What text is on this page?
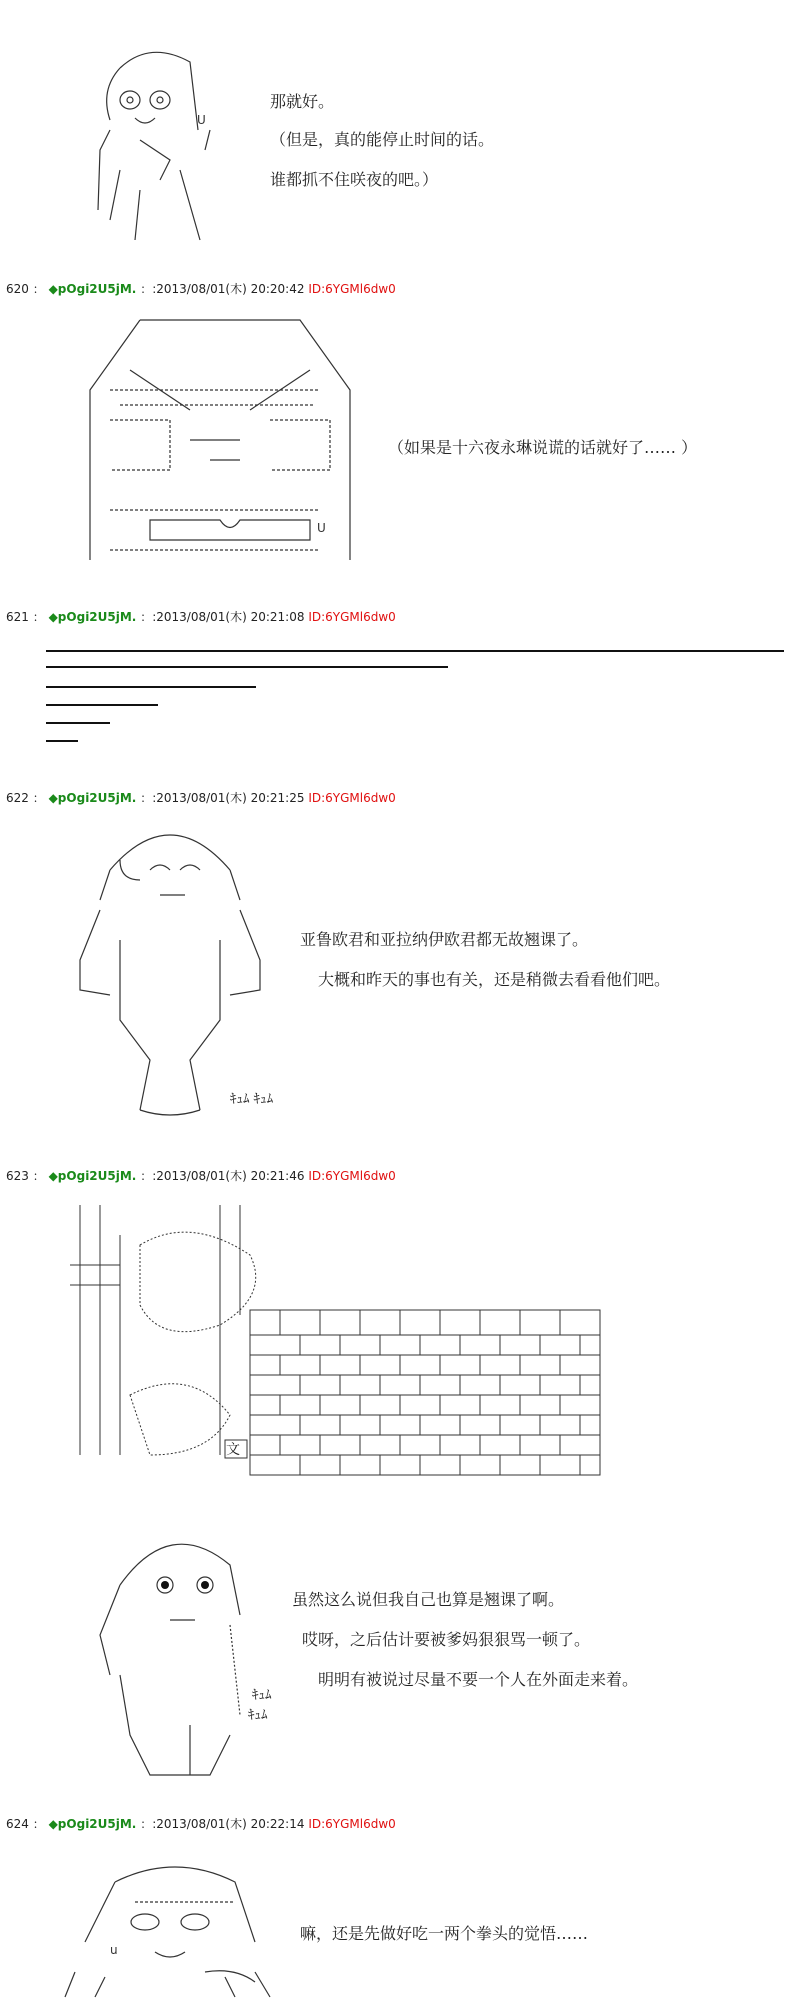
U
那就好。
（但是，真的能停止时间的话。
谁都抓不住咲夜的吧。）
620 ： ◆pOgi2U5jM. ：:2013/08/01(木) 20:20:42 ID:6YGMl6dw0
U
（如果是十六夜永琳说谎的话就好了…… ）
621 ： ◆pOgi2U5jM. ：:2013/08/01(木) 20:21:08 ID:6YGMl6dw0
622 ： ◆pOgi2U5jM. ：:2013/08/01(木) 20:21:25 ID:6YGMl6dw0
亚鲁欧君和亚拉纳伊欧君都无故翘课了。
大概和昨天的事也有关，还是稍微去看看他们吧。
ｷｭﾑ ｷｭﾑ
623 ： ◆pOgi2U5jM. ：:2013/08/01(木) 20:21:46 ID:6YGMl6dw0
文
虽然这么说但我自己也算是翘课了啊。
哎呀，之后估计要被爹妈狠狠骂一顿了。
明明有被说过尽量不要一个人在外面走来着。
ｷｭﾑ
ｷｭﾑ
624 ： ◆pOgi2U5jM. ：:2013/08/01(木) 20:22:14 ID:6YGMl6dw0
u
嘛，还是先做好吃一两个拳头的觉悟……
